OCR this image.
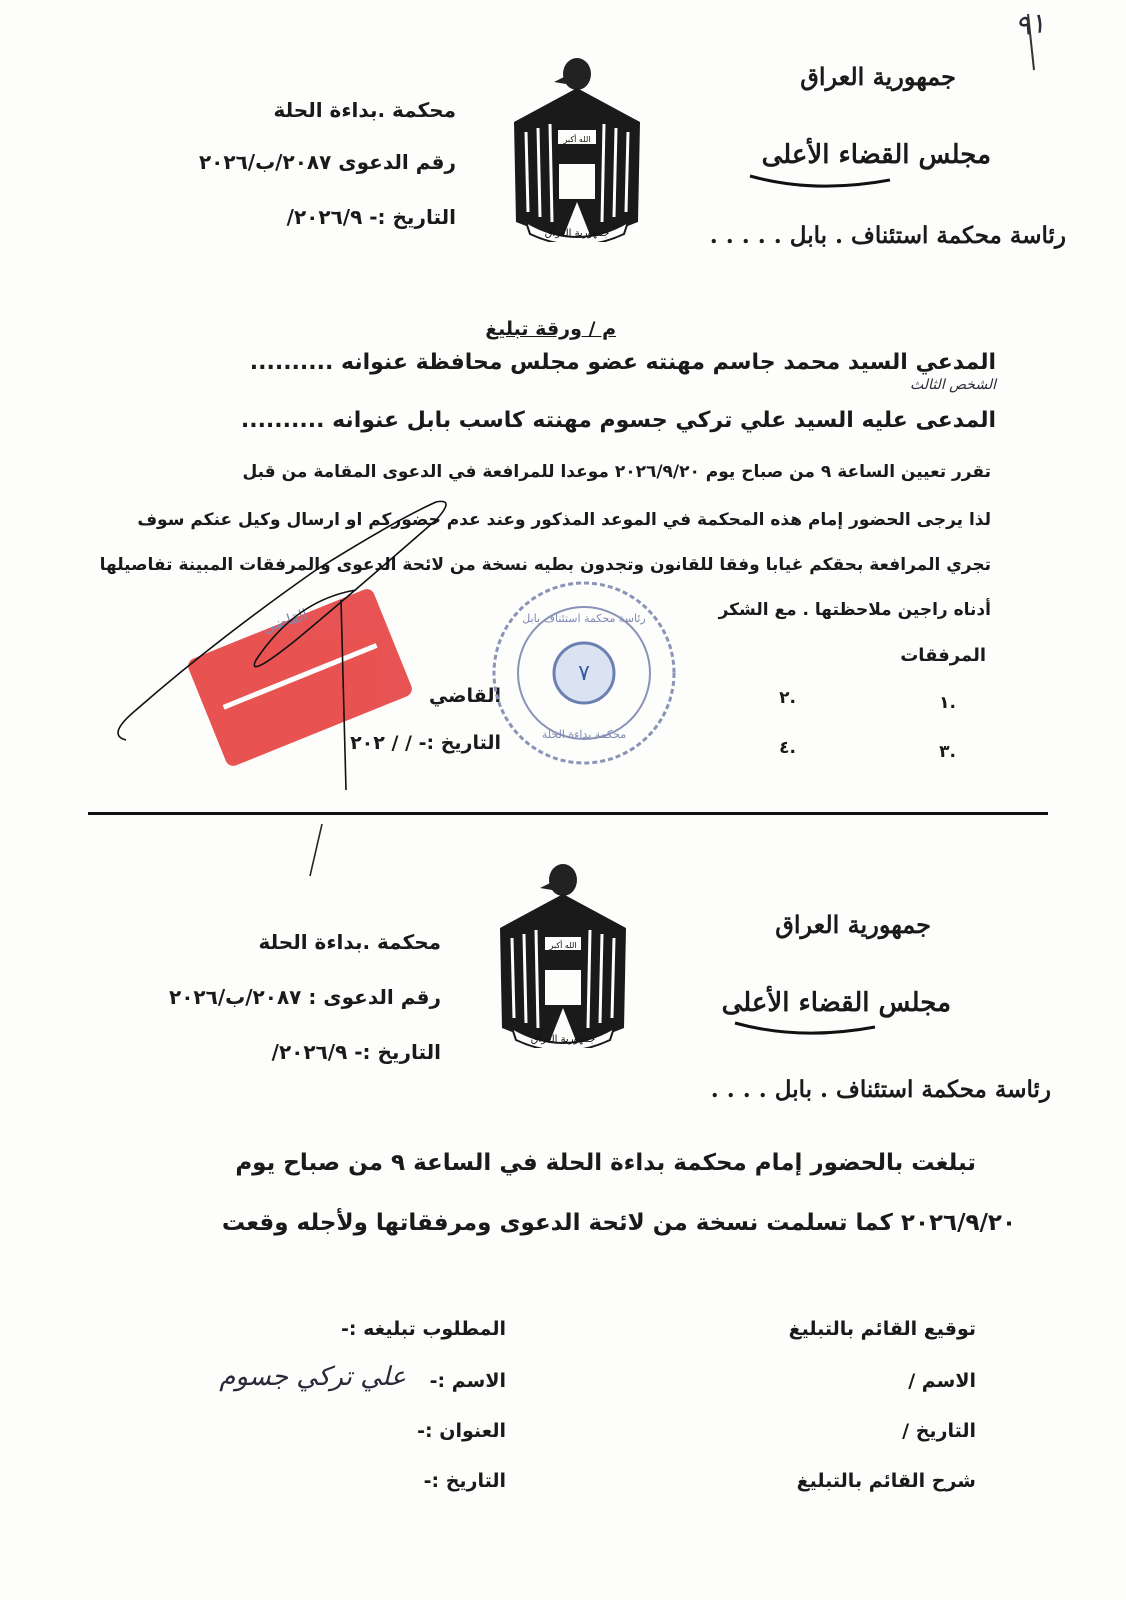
٩١
جمهورية العراق
مجلس القضاء الأعلى
رئاسة محكمة استئناف . بابل . . . . .
الله أكبر
جمهورية العراق
محكمة .بداءة الحلة
رقم الدعوى ٢٠٨٧/ب/٢٠٢٦
التاريخ :- ٢٠٢٦/٩/
م / ورقة تبليغ
المدعي السيد محمد جاسم مهنته عضو مجلس محافظة عنوانه ..........
الشخص الثالث
المدعى عليه السيد علي تركي جسوم مهنته كاسب بابل عنوانه ..........
تقرر تعيين الساعة ٩ من صباح يوم ٢٠٢٦/٩/٢٠ موعدا للمرافعة في الدعوى المقامة من قبل
لذا يرجى الحضور إمام هذه المحكمة في الموعد المذكور وعند عدم حضوركم او ارسال وكيل عنكم سوف
تجري المرافعة بحقكم غيابا وفقا للقانون وتجدون بطيه نسخة من لائحة الدعوى والمرفقات المبينة تفاصيلها
أدناه راجين ملاحظتها . مع الشكر
المرفقات
١.
٢.
٣.
٤.
القاضي
التاريخ :- / / ٢٠٢
٧
رئاسة محكمة استئناف بابل
محكمة بداءة الحلة
القاضي
جمهورية العراق
مجلس القضاء الأعلى
رئاسة محكمة استئناف . بابل . . . .
الله أكبر
جمهورية العراق
محكمة .بداءة الحلة
رقم الدعوى : ٢٠٨٧/ب/٢٠٢٦
التاريخ :- ٢٠٢٦/٩/
تبلغت بالحضور إمام محكمة بداءة الحلة في الساعة ٩ من صباح يوم
٢٠٢٦/٩/٢٠ كما تسلمت نسخة من لائحة الدعوى ومرفقاتها ولأجله وقعت
توقيع القائم بالتبليغ
الاسم /
التاريخ /
شرح القائم بالتبليغ
المطلوب تبليغه :-
الاسم :-
علي تركي جسوم
العنوان :-
التاريخ :-
